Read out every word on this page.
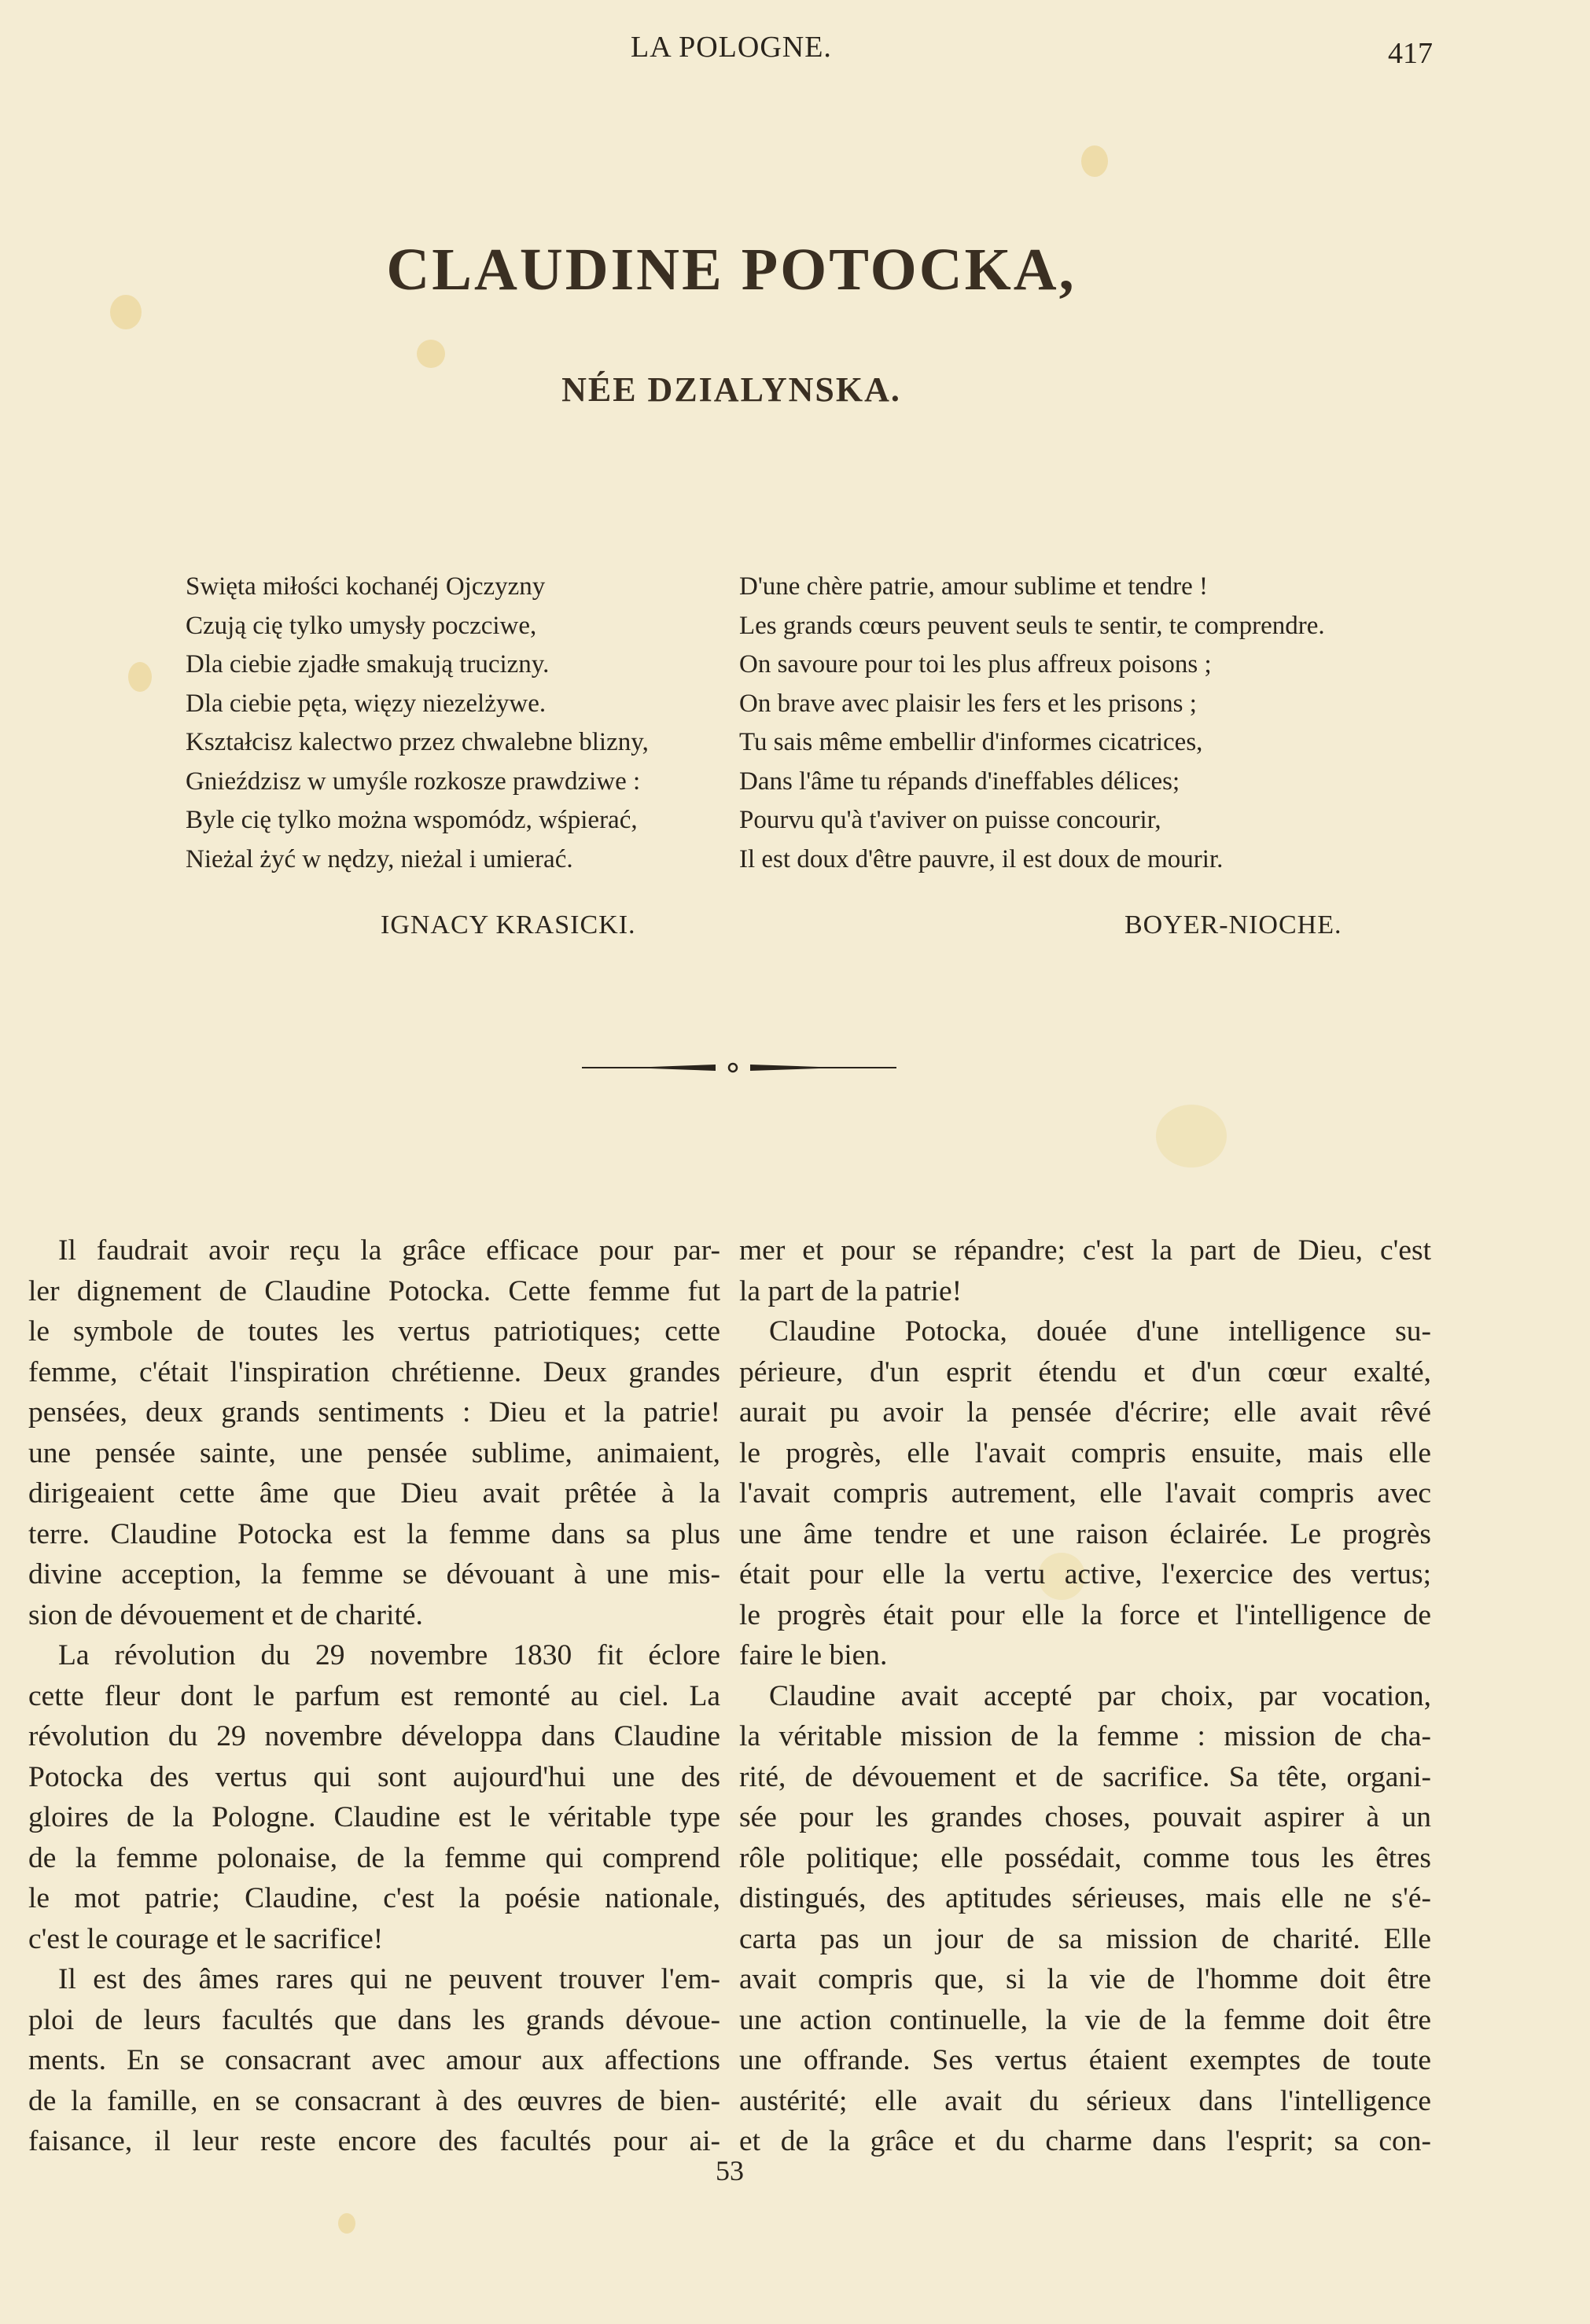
LA POLOGNE.	417
CLAUDINE POTOCKA,
NÉE DZIALYNSKA.
Swięta miłości kochanéj Ojczyzny
Czują cię tylko umysły poczciwe,
Dla ciebie zjadłe smakują trucizny.
Dla ciebie pęta, więzy niezelżywe.
Kształcisz kalectwo przez chwalebne blizny,
Gnieździsz w umyśle rozkosze prawdziwe :
Byle cię tylko można wspomódz, wśpierać,
Nieżal żyć w nędzy, nieżal i umierać.
D'une chère patrie, amour sublime et tendre !
Les grands cœurs peuvent seuls te sentir, te comprendre.
On savoure pour toi les plus affreux poisons ;
On brave avec plaisir les fers et les prisons ;
Tu sais même embellir d'informes cicatrices,
Dans l'âme tu répands d'ineffables délices;
Pourvu qu'à t'aviver on puisse concourir,
Il est doux d'être pauvre, il est doux de mourir.
IGNACY KRASICKI.	BOYER-NIOCHE.
Il faudrait avoir reçu la grâce efficace pour par-
ler dignement de Claudine Potocka. Cette femme fut
le symbole de toutes les vertus patriotiques; cette
femme, c'était l'inspiration chrétienne. Deux grandes
pensées, deux grands sentiments : Dieu et la patrie!
une pensée sainte, une pensée sublime, animaient,
dirigeaient cette âme que Dieu avait prêtée à la
terre. Claudine Potocka est la femme dans sa plus
divine acception, la femme se dévouant à une mis-
sion de dévouement et de charité.
La révolution du 29 novembre 1830 fit éclore
cette fleur dont le parfum est remonté au ciel. La
révolution du 29 novembre développa dans Claudine
Potocka des vertus qui sont aujourd'hui une des
gloires de la Pologne. Claudine est le véritable type
de la femme polonaise, de la femme qui comprend
le mot patrie; Claudine, c'est la poésie nationale,
c'est le courage et le sacrifice!
Il est des âmes rares qui ne peuvent trouver l'em-
ploi de leurs facultés que dans les grands dévoue-
ments. En se consacrant avec amour aux affections
de la famille, en se consacrant à des œuvres de bien-
faisance, il leur reste encore des facultés pour ai-
mer et pour se répandre; c'est la part de Dieu, c'est
la part de la patrie!
Claudine Potocka, douée d'une intelligence su-
périeure, d'un esprit étendu et d'un cœur exalté,
aurait pu avoir la pensée d'écrire; elle avait rêvé
le progrès, elle l'avait compris ensuite, mais elle
l'avait compris autrement, elle l'avait compris avec
une âme tendre et une raison éclairée. Le progrès
était pour elle la vertu active, l'exercice des vertus;
le progrès était pour elle la force et l'intelligence de
faire le bien.
Claudine avait accepté par choix, par vocation,
la véritable mission de la femme : mission de cha-
rité, de dévouement et de sacrifice. Sa tête, organi-
sée pour les grandes choses, pouvait aspirer à un
rôle politique; elle possédait, comme tous les êtres
distingués, des aptitudes sérieuses, mais elle ne s'é-
carta pas un jour de sa mission de charité. Elle
avait compris que, si la vie de l'homme doit être
une action continuelle, la vie de la femme doit être
une offrande. Ses vertus étaient exemptes de toute
austérité; elle avait du sérieux dans l'intelligence
et de la grâce et du charme dans l'esprit; sa con-
53
